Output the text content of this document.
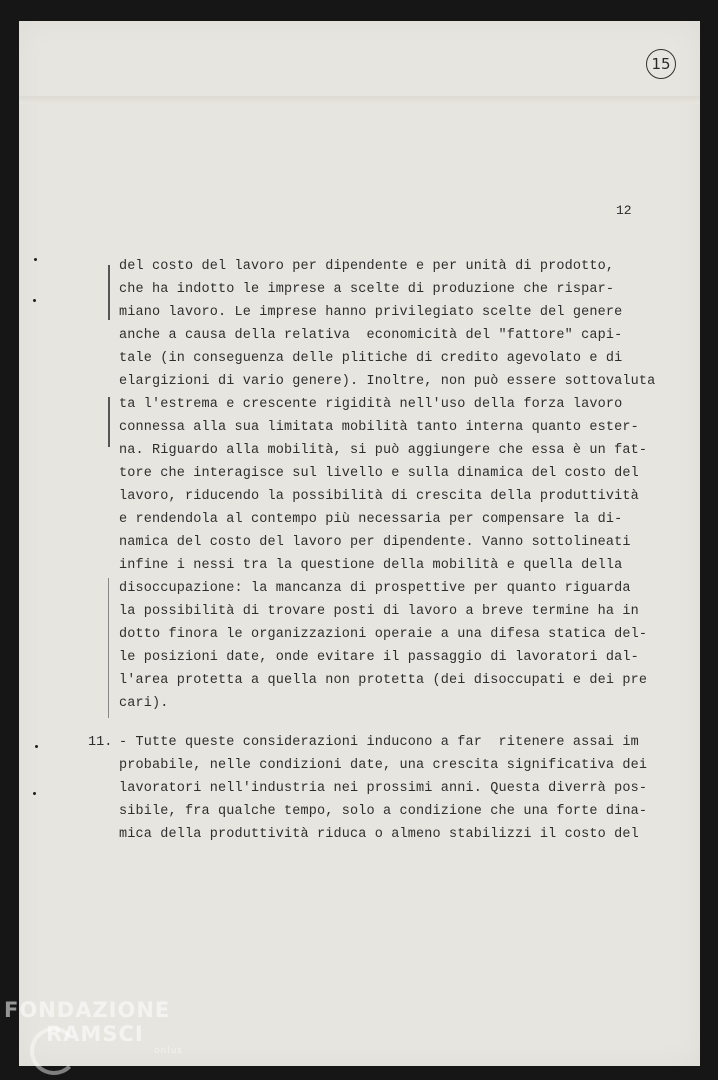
15
12
11.
del costo del lavoro per dipendente e per unità di prodotto,
che ha indotto le imprese a scelte di produzione che rispar-
miano lavoro. Le imprese hanno privilegiato scelte del genere
anche a causa della relativa  economicità del "fattore" capi-
tale (in conseguenza delle plitiche di credito agevolato e di
elargizioni di vario genere). Inoltre, non può essere sottovaluta
ta l'estrema e crescente rigidità nell'uso della forza lavoro
connessa alla sua limitata mobilità tanto interna quanto ester-
na. Riguardo alla mobilità, si può aggiungere che essa è un fat-
tore che interagisce sul livello e sulla dinamica del costo del
lavoro, riducendo la possibilità di crescita della produttività
e rendendola al contempo più necessaria per compensare la di-
namica del costo del lavoro per dipendente. Vanno sottolineati
infine i nessi tra la questione della mobilità e quella della
disoccupazione: la mancanza di prospettive per quanto riguarda
la possibilità di trovare posti di lavoro a breve termine ha in
dotto finora le organizzazioni operaie a una difesa statica del-
le posizioni date, onde evitare il passaggio di lavoratori dal-
l'area protetta a quella non protetta (dei disoccupati e dei pre
cari).
- Tutte queste considerazioni inducono a far  ritenere assai im
probabile, nelle condizioni date, una crescita significativa dei
lavoratori nell'industria nei prossimi anni. Questa diverrà pos-
sibile, fra qualche tempo, solo a condizione che una forte dina-
mica della produttività riduca o almeno stabilizzi il costo del
FONDAZIONE
RAMSCI
onlus
